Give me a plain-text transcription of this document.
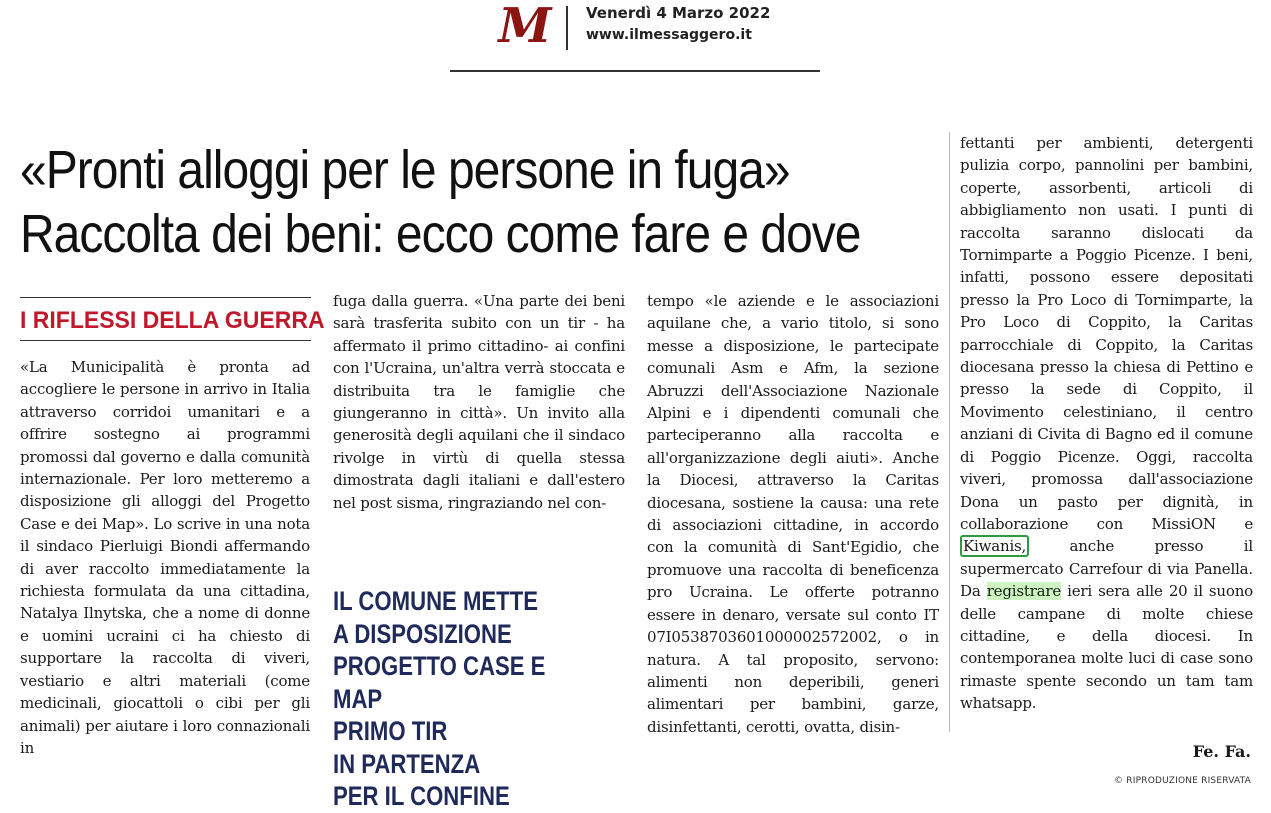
M Venerdì 4 Marzo 2022
www.ilmessaggero.it
«Pronti alloggi per le persone in fuga»
Raccolta dei beni: ecco come fare e dove
I RIFLESSI DELLA GUERRA

«La Municipalità è pronta ad accogliere le persone in arrivo in Italia attraverso corridoi umanitari e a offrire sostegno ai programmi promossi dal governo e dalla comunità internazionale. Per loro metteremo a disposizione gli alloggi del Progetto Case e dei Map». Lo scrive in una nota il sindaco Pierluigi Biondi affermando di aver raccolto immediatamente la richiesta formulata da una cittadina, Natalya Ilnytska, che a nome di donne e uomini ucraini ci ha chiesto di supportare la raccolta di viveri, vestiario e altri materiali (come medicinali, giocattoli o cibi per gli animali) per aiutare i loro connazionali in

fuga dalla guerra. «Una parte dei beni sarà trasferita subito con un tir - ha affermato il primo cittadino- ai confini con l'Ucraina, un'altra verrà stoccata e distribuita tra le famiglie che giungeranno in città». Un invito alla generosità degli aquilani che il sindaco rivolge in virtù di quella stessa dimostrata dagli italiani e dall'estero nel post sisma, ringraziando nel con-

IL COMUNE METTE
A DISPOSIZIONE
PROGETTO CASE E MAP
PRIMO TIR
IN PARTENZA
PER IL CONFINE

tempo «le aziende e le associazioni aquilane che, a vario titolo, si sono messe a disposizione, le partecipate comunali Asm e Afm, la sezione Abruzzi dell'Associazione Nazionale Alpini e i dipendenti comunali che parteciperanno alla raccolta e all'organizzazione degli aiuti». Anche la Diocesi, attraverso la Caritas diocesana, sostiene la causa: una rete di associazioni cittadine, in accordo con la comunità di Sant'Egidio, che promuove una raccolta di beneficenza pro Ucraina. Le offerte potranno essere in denaro, versate sul conto IT 07I0538703601000002572002, o in natura. A tal proposito, servono: alimenti non deperibili, generi alimentari per bambini, garze, disinfettanti, cerotti, ovatta, disin-

fettanti per ambienti, detergenti pulizia corpo, pannolini per bambini, coperte, assorbenti, articoli di abbigliamento non usati. I punti di raccolta saranno dislocati da Tornimparte a Poggio Picenze. I beni, infatti, possono essere depositati presso la Pro Loco di Tornimparte, la Pro Loco di Coppito, la Caritas parrocchiale di Coppito, la Caritas diocesana presso la chiesa di Pettino e presso la sede di Coppito, il Movimento celestiniano, il centro anziani di Civita di Bagno ed il comune di Poggio Picenze. Oggi, raccolta viveri, promossa dall'associazione Dona un pasto per dignità, in collaborazione con MissiON e Kiwanis, anche presso il supermercato Carrefour di via Panella. Da registrare ieri sera alle 20 il suono delle campane di molte chiese cittadine, e della diocesi. In contemporanea molte luci di case sono rimaste spente secondo un tam tam whatsapp.

Fe. Fa.
© RIPRODUZIONE RISERVATA
